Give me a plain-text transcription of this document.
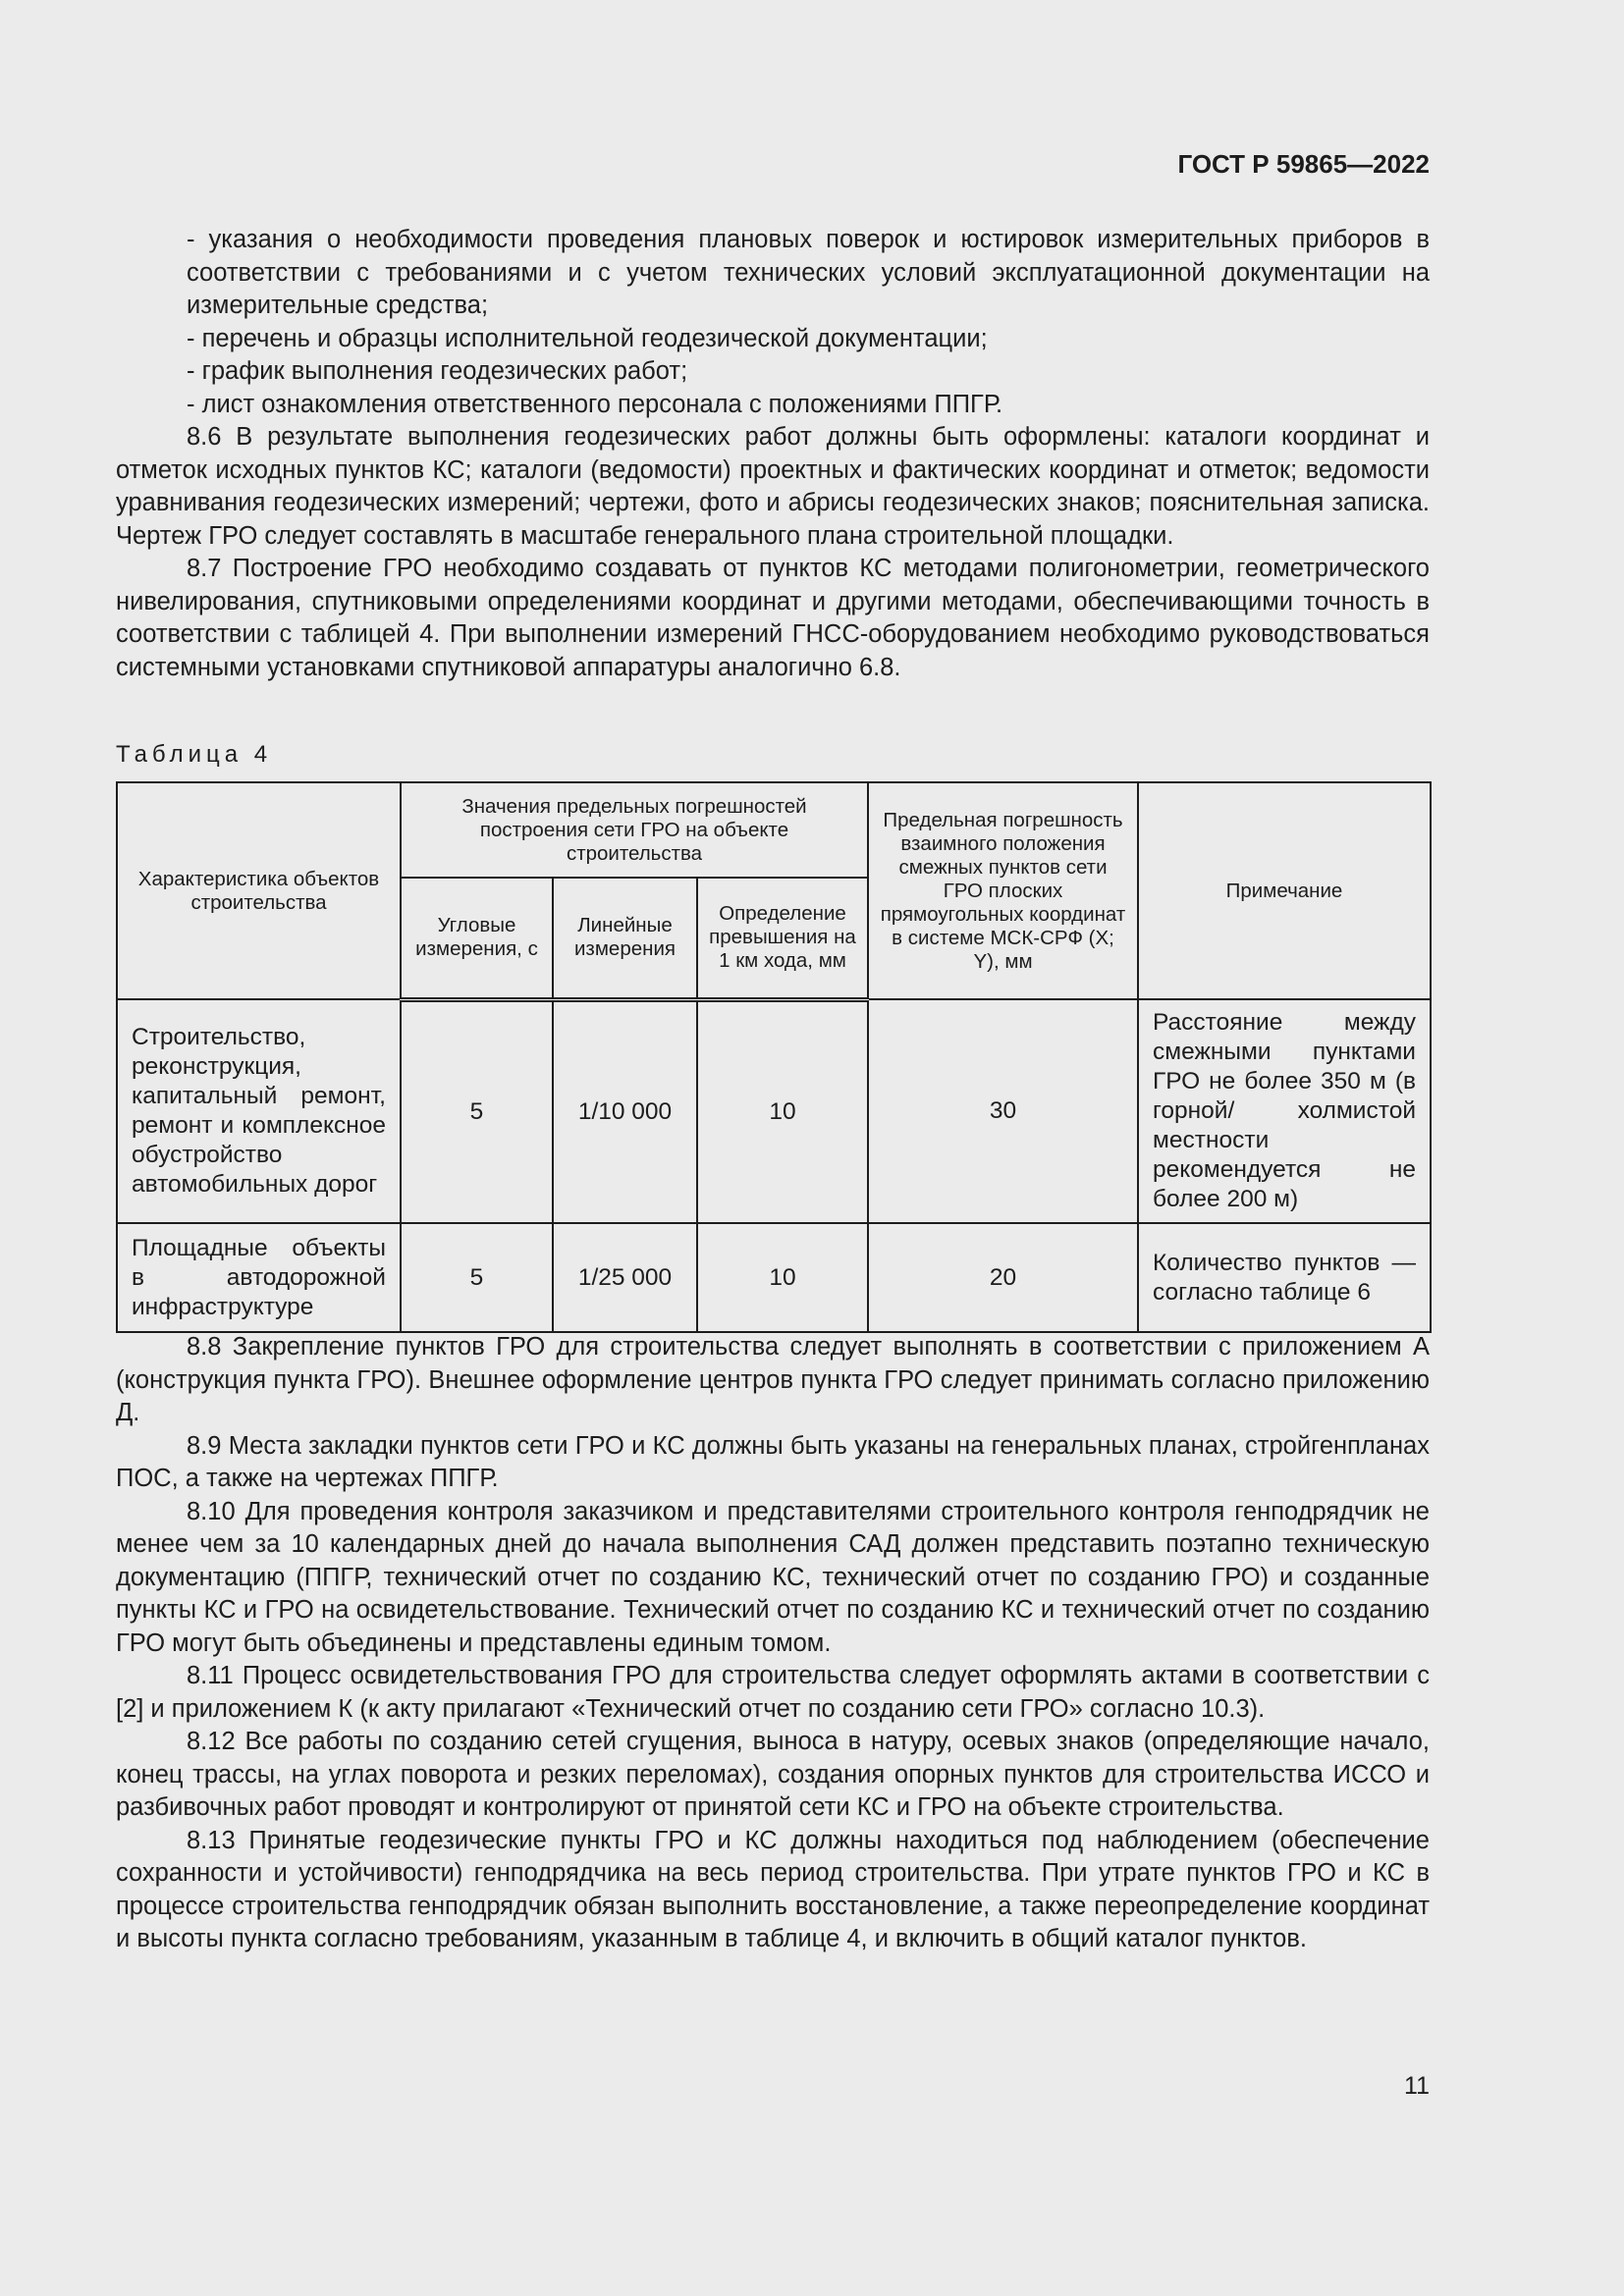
ГОСТ Р 59865—2022

- указания о необходимости проведения плановых поверок и юстировок измерительных приборов в соответствии с требованиями и с учетом технических условий эксплуатационной документации на измерительные средства;

- перечень и образцы исполнительной геодезической документации;

- график выполнения геодезических работ;

- лист ознакомления ответственного персонала с положениями ППГР.

8.6 В результате выполнения геодезических работ должны быть оформлены: каталоги координат и отметок исходных пунктов КС; каталоги (ведомости) проектных и фактических координат и отметок; ведомости уравнивания геодезических измерений; чертежи, фото и абрисы геодезических знаков; пояснительная записка. Чертеж ГРО следует составлять в масштабе генерального плана строительной площадки.

8.7 Построение ГРО необходимо создавать от пунктов КС методами полигонометрии, геометрического нивелирования, спутниковыми определениями координат и другими методами, обеспечивающими точность в соответствии с таблицей 4. При выполнении измерений ГНСС-оборудованием необходимо руководствоваться системными установками спутниковой аппаратуры аналогично 6.8.

Таблица 4
Характеристика объектов строительства	Значения предельных погрешностей построения сети ГРО на объекте строительства			Предельная погрешность взаимного положения смежных пунктов сети ГРО плоских прямоугольных координат в системе МСК-СРФ (X; Y), мм	Примечание
	Угловые измерения, с	Линейные измерения	Определение превышения на 1 км хода, мм		
Строительство, реконструкция, капитальный ремонт, ремонт и комплексное обустройство автомобильных дорог	5	1/10 000	10	30	Расстояние между смежными пунктами ГРО не более 350 м (в горной/ холмистой местности рекомендуется не более 200 м)
Площадные объекты в автодорожной инфраструктуре	5	1/25 000	10	20	Количество пунктов — согласно таблице 6

8.8 Закрепление пунктов ГРО для строительства следует выполнять в соответствии с приложением А (конструкция пункта ГРО). Внешнее оформление центров пункта ГРО следует принимать согласно приложению Д.

8.9 Места закладки пунктов сети ГРО и КС должны быть указаны на генеральных планах, стройгенпланах ПОС, а также на чертежах ППГР.

8.10 Для проведения контроля заказчиком и представителями строительного контроля генподрядчик не менее чем за 10 календарных дней до начала выполнения САД должен представить поэтапно техническую документацию (ППГР, технический отчет по созданию КС, технический отчет по созданию ГРО) и созданные пункты КС и ГРО на освидетельствование. Технический отчет по созданию КС и технический отчет по созданию ГРО могут быть объединены и представлены единым томом.

8.11 Процесс освидетельствования ГРО для строительства следует оформлять актами в соответствии с [2] и приложением К (к акту прилагают «Технический отчет по созданию сети ГРО» согласно 10.3).

8.12 Все работы по созданию сетей сгущения, выноса в натуру, осевых знаков (определяющие начало, конец трассы, на углах поворота и резких переломах), создания опорных пунктов для строительства ИССО и разбивочных работ проводят и контролируют от принятой сети КС и ГРО на объекте строительства.

8.13 Принятые геодезические пункты ГРО и КС должны находиться под наблюдением (обеспечение сохранности и устойчивости) генподрядчика на весь период строительства. При утрате пунктов ГРО и КС в процессе строительства генподрядчик обязан выполнить восстановление, а также переопределение координат и высоты пункта согласно требованиям, указанным в таблице 4, и включить в общий каталог пунктов.

11
